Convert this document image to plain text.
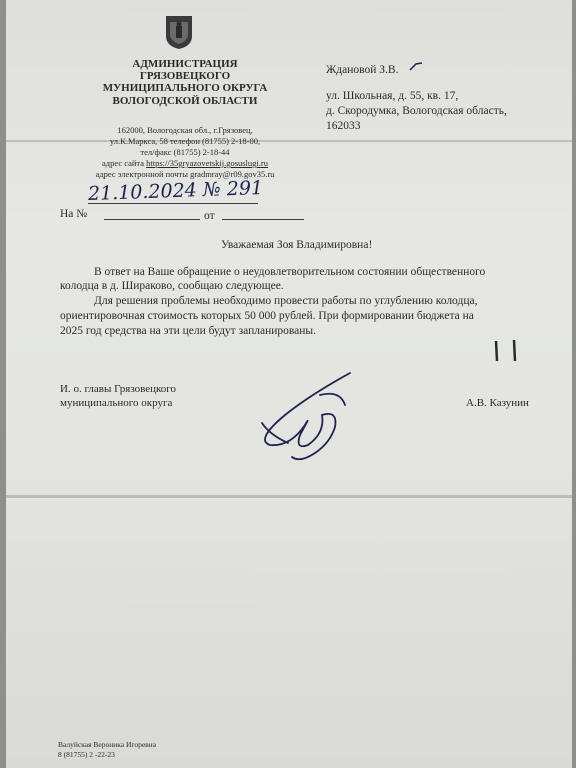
АДМИНИСТРАЦИЯ
ГРЯЗОВЕЦКОГО
МУНИЦИПАЛЬНОГО ОКРУГА
ВОЛОГОДСКОЙ ОБЛАСТИ
162000, Вологодская обл., г.Грязовец,
ул.К.Маркса, 58 телефон (81755) 2-18-00,
тел/факс (81755) 2-18-44
адрес сайта https://35gryazovetskij.gosuslugi.ru
адрес электронной почты gradmray@r09.gov35.ru
21.10.2024 № 291
На №	от
Ждановой З.В.
ул. Школьная, д. 55, кв. 17,
д. Скородумка, Вологодская область,
162033
Уважаемая Зоя Владимировна!
В ответ на Ваше обращение о неудовлетворительном состоянии общественного
колодца в д. Шираково, сообщаю следующее.
Для решения проблемы необходимо провести работы по углублению колодца,
ориентировочная стоимость которых 50 000 рублей. При формировании бюджета на
2025 год средства на эти цели будут запланированы.
И. о. главы Грязовецкого
муниципального округа	А.В. Казунин
Валуйская Вероника Игоревна
8 (81755) 2 -22-23
